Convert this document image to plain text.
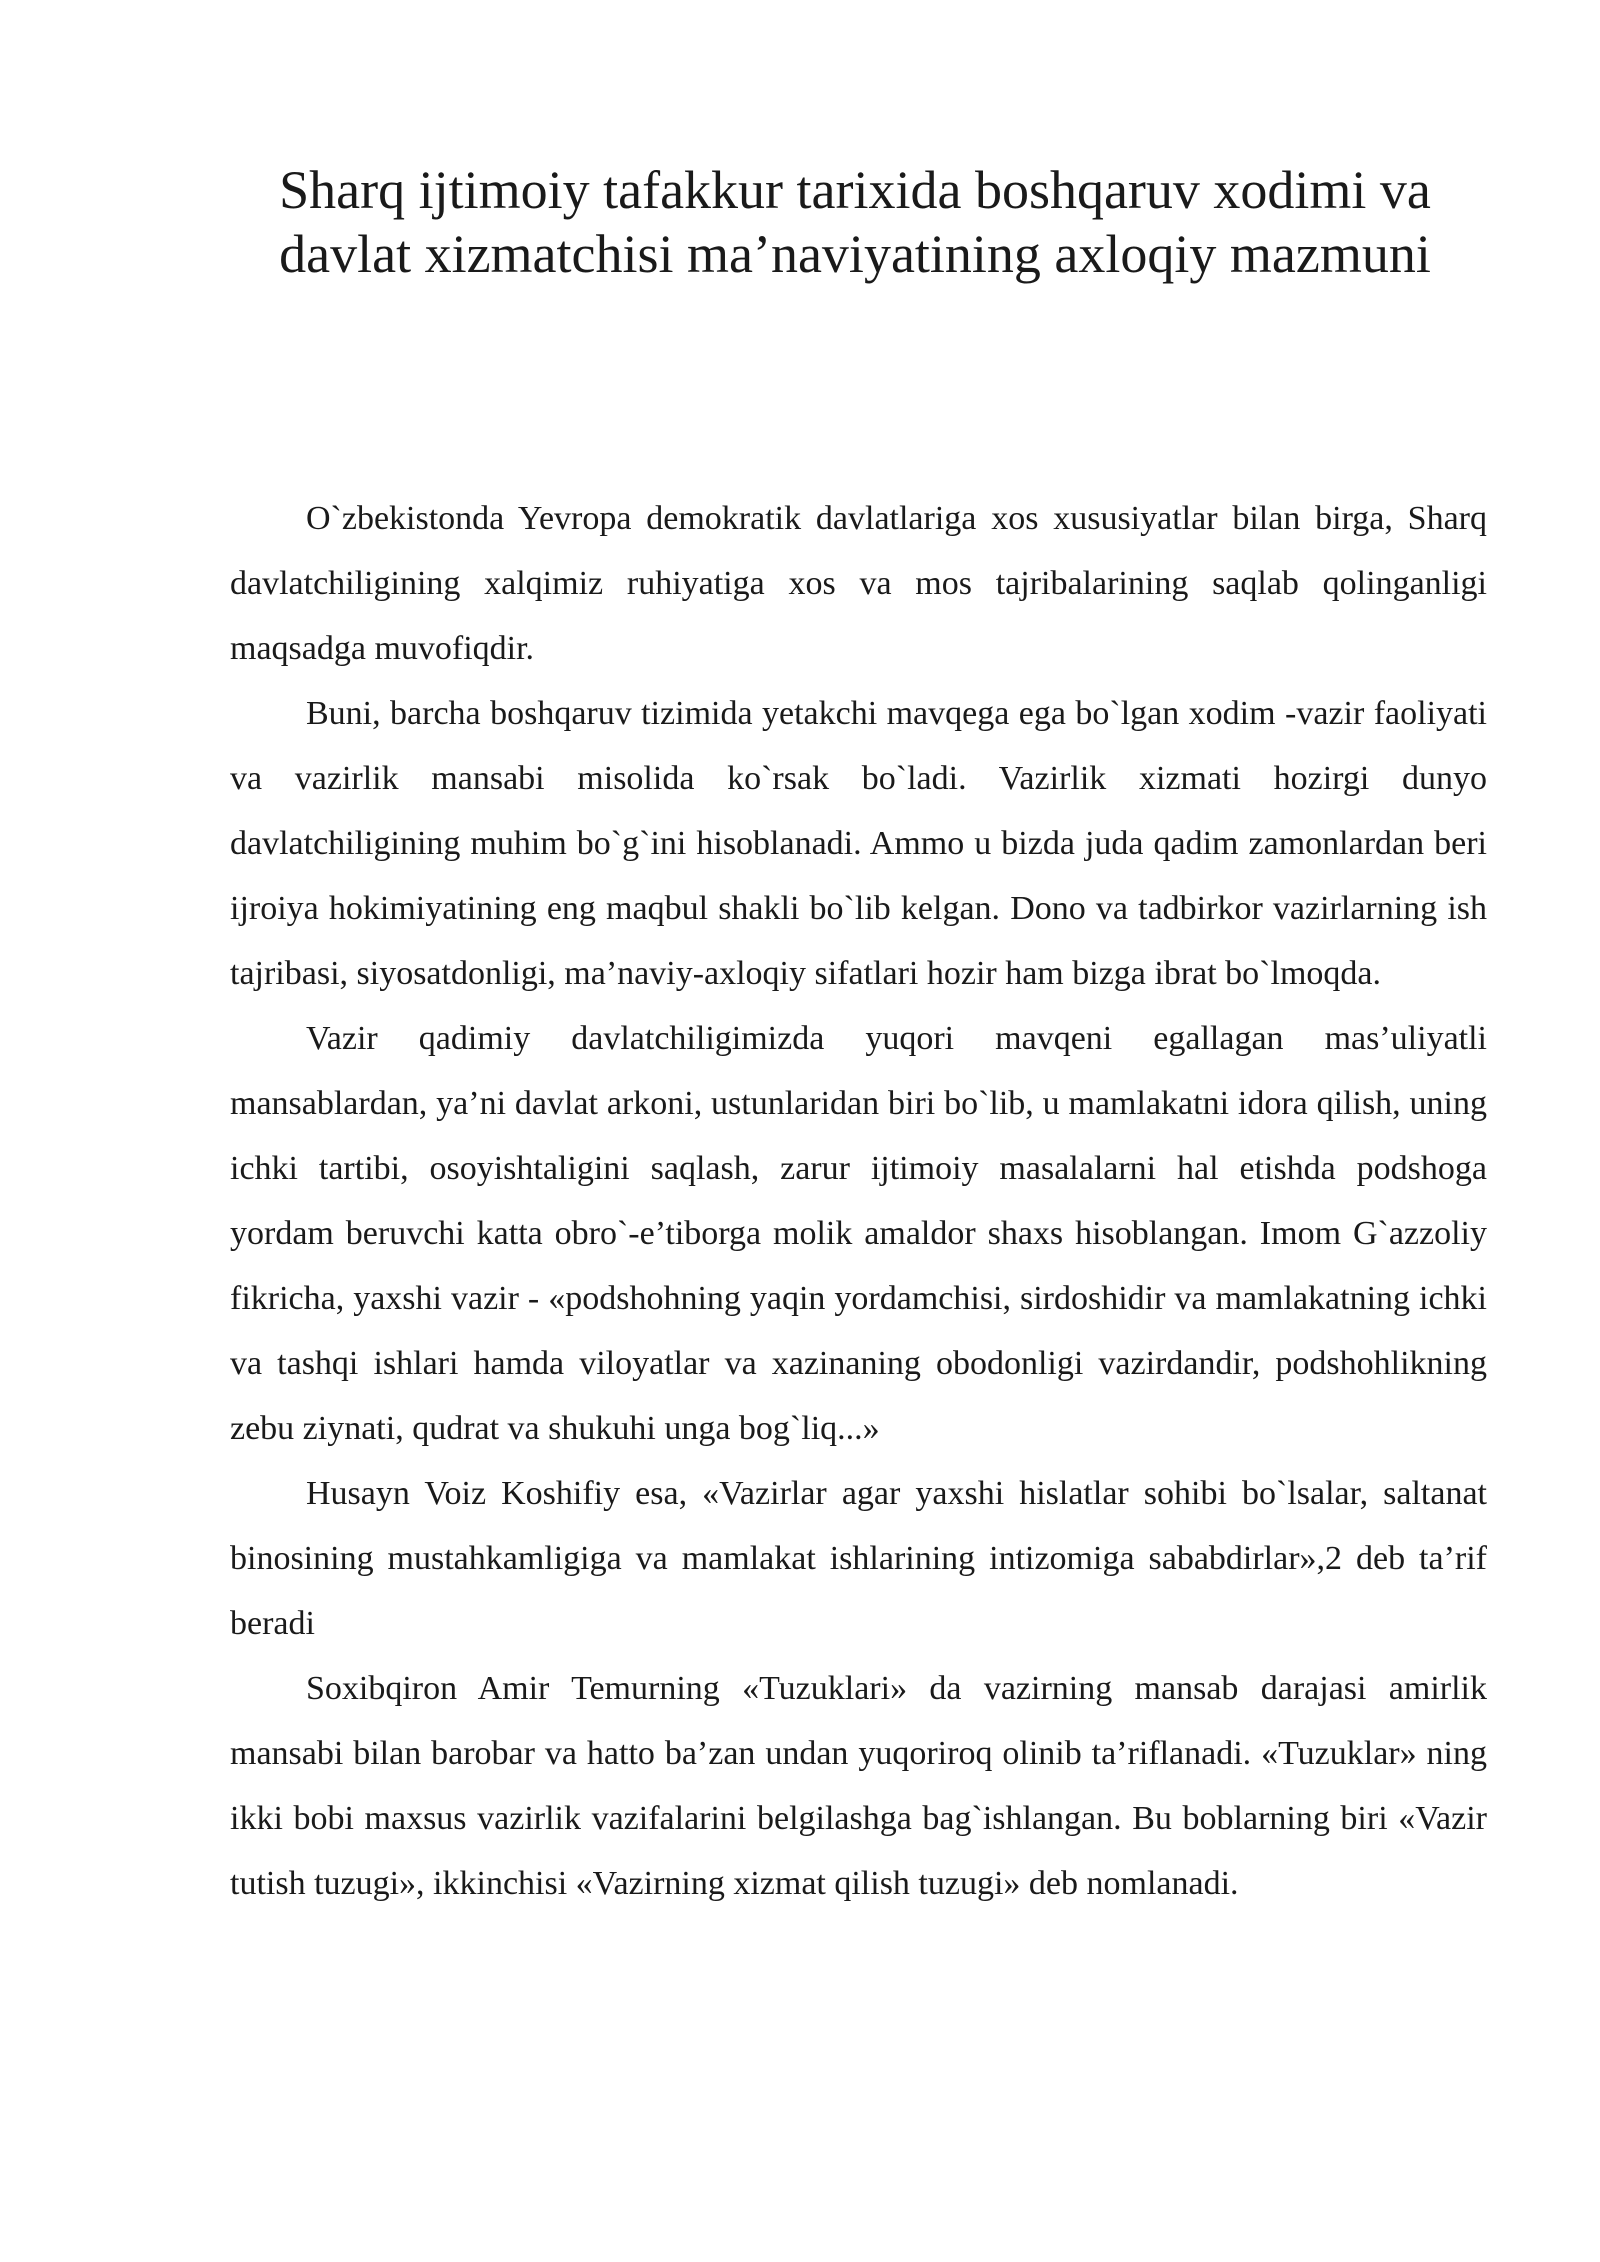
Sharq ijtimoiy tafakkur tarixida boshqaruv xodimi va davlat xizmatchisi ma’naviyatining axloqiy mazmuni

O`zbekistonda Yevropa demokratik davlatlariga xos xususiyatlar bilan birga, Sharq davlatchiligining xalqimiz ruhiyatiga xos va mos tajribalarining saqlab qolinganligi maqsadga muvofiqdir.

Buni, barcha boshqaruv tizimida yetakchi mavqega ega bo`lgan xodim -vazir faoliyati va vazirlik mansabi misolida ko`rsak bo`ladi. Vazirlik xizmati hozirgi dunyo davlatchiligining muhim bo`g`ini hisoblanadi. Ammo u bizda juda qadim zamonlardan beri ijroiya hokimiyatining eng maqbul shakli bo`lib kelgan. Dono va tadbirkor vazirlarning ish tajribasi, siyosatdonligi, ma’naviy-axloqiy sifatlari hozir ham bizga ibrat bo`lmoqda.

Vazir qadimiy davlatchiligimizda yuqori mavqeni egallagan mas’uliyatli mansablardan, ya’ni davlat arkoni, ustunlaridan biri bo`lib, u mamlakatni idora qilish, uning ichki tartibi, osoyishtaligini saqlash, zarur ijtimoiy masalalarni hal etishda podshoga yordam beruvchi katta obro`-e’tiborga molik amaldor shaxs hisoblangan. Imom G`azzoliy fikricha, yaxshi vazir - «podshohning yaqin yordamchisi, sirdoshidir va mamlakatning ichki va tashqi ishlari hamda viloyatlar va xazinaning obodonligi vazirdandir, podshohlikning zebu ziynati, qudrat va shukuhi unga bog`liq...»

Husayn Voiz Koshifiy esa, «Vazirlar agar yaxshi hislatlar sohibi bo`lsalar, saltanat binosining mustahkamligiga va mamlakat ishlarining intizomiga sababdirlar»,2 deb ta’rif beradi

Soxibqiron Amir Temurning «Tuzuklari» da vazirning mansab darajasi amirlik mansabi bilan barobar va hatto ba’zan undan yuqoriroq olinib ta’riflanadi. «Tuzuklar» ning ikki bobi maxsus vazirlik vazifalarini belgilashga bag`ishlangan. Bu boblarning biri «Vazir tutish tuzugi», ikkinchisi «Vazirning xizmat qilish tuzugi» deb nomlanadi.
